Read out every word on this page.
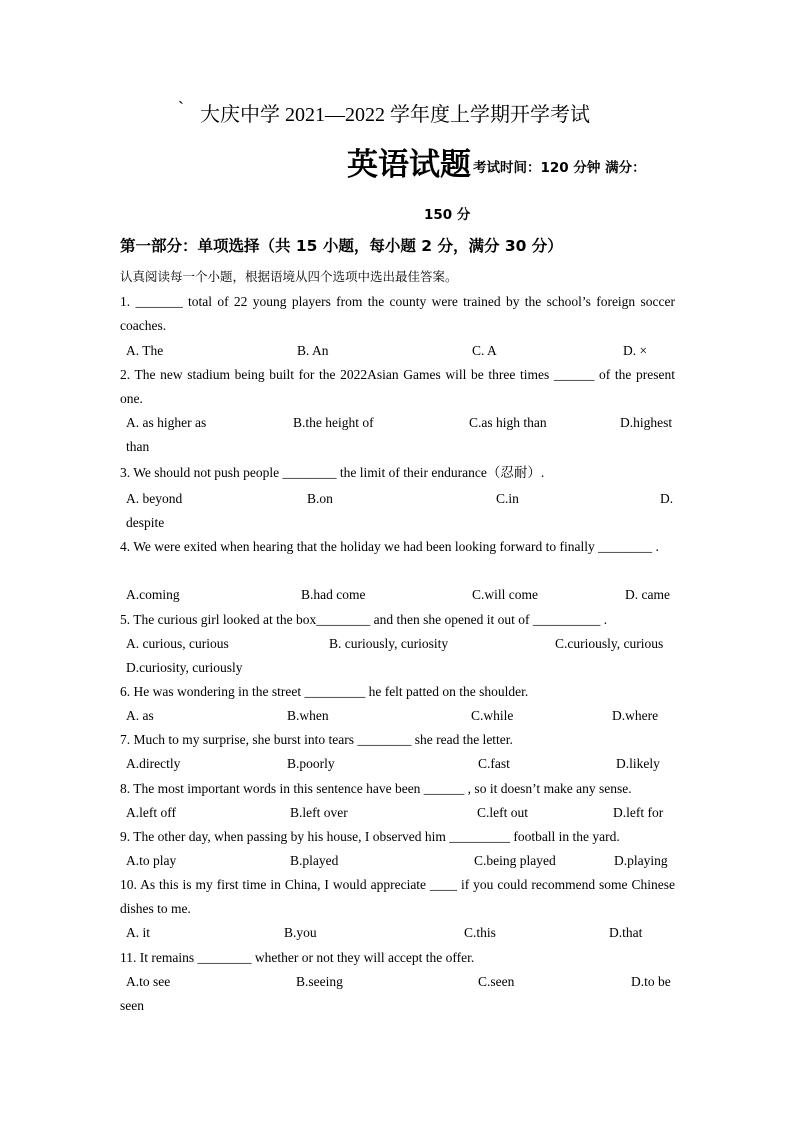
` 大庆中学 2021—2022 学年度上学期开学考试
英语试题 考试时间：120 分钟 满分：
150 分
第一部分：单项选择（共 15 小题，每小题 2 分，满分 30 分）
认真阅读每一个小题，根据语境从四个选项中选出最佳答案。
1. _______ total of 22 young players from the county were trained by the school’s foreign soccer coaches.
A. The	B. An	C. A	D. ×
2. The new stadium being built for the 2022Asian Games will be three times ______ of the present one.
A. as higher as	B.the height of	C.as high than	D.highest
than
3. We should not push people ________ the limit of their endurance（忍耐）.
A. beyond	B.on	C.in	D.
despite
4. We were exited when hearing that the holiday we had been looking forward to finally ________ .
A.coming	B.had come	C.will come	D. came
5. The curious girl looked at the box________ and then she opened it out of __________ .
A. curious, curious	B. curiously, curiosity	C.curiously, curious
D.curiosity, curiously
6. He was wondering in the street _________ he felt patted on the shoulder.
A. as	B.when	C.while	D.where
7. Much to my surprise, she burst into tears ________ she read the letter.
A.directly	B.poorly	C.fast	D.likely
8. The most important words in this sentence have been ______ , so it doesn’t make any sense.
A.left off	B.left over	C.left out	D.left for
9. The other day, when passing by his house, I observed him _________ football in the yard.
A.to play	B.played	C.being played	D.playing
10. As this is my first time in China, I would appreciate ____ if you could recommend some Chinese dishes to me.
A. it	B.you	C.this	D.that
11. It remains ________ whether or not they will accept the offer.
A.to see	B.seeing	C.seen	D.to be
seen
